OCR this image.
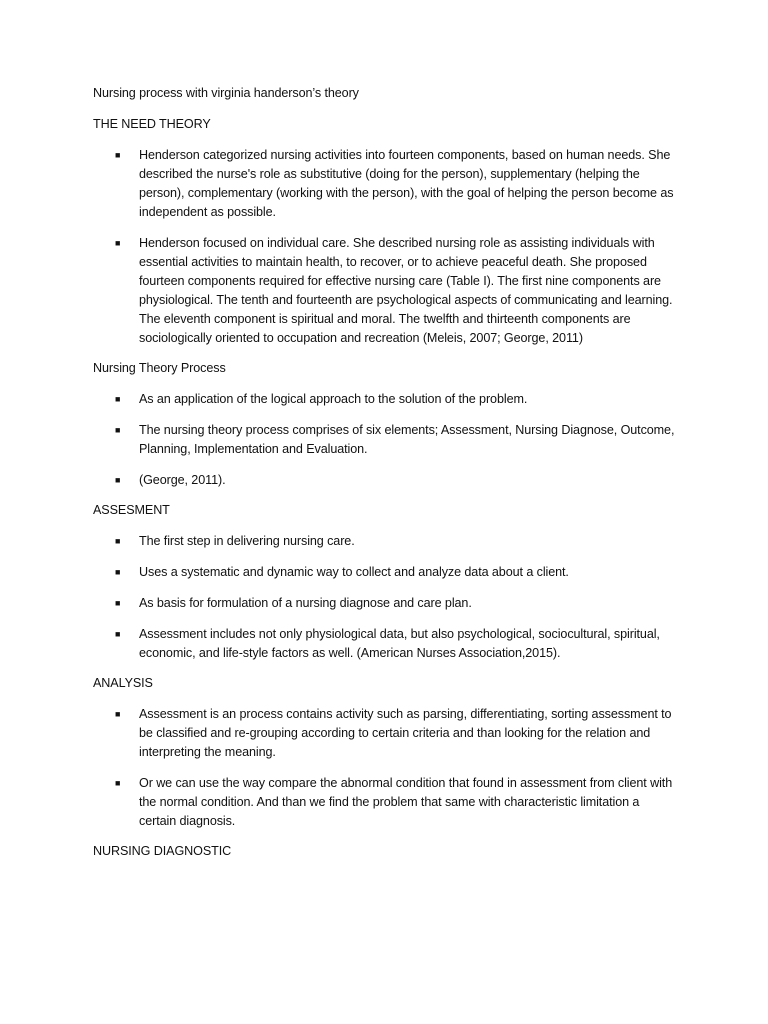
Nursing process with virginia handerson’s theory

THE NEED THEORY

■ Henderson categorized nursing activities into fourteen components, based on human needs. She described the nurse's role as substitutive (doing for the person), supplementary (helping the person), complementary (working with the person), with the goal of helping the person become as independent as possible.
■ Henderson focused on individual care. She described nursing role as assisting individuals with essential activities to maintain health, to recover, or to achieve peaceful death. She proposed fourteen components required for effective nursing care (Table I). The first nine components are physiological. The tenth and fourteenth are psychological aspects of communicating and learning. The eleventh component is spiritual and moral. The twelfth and thirteenth components are sociologically oriented to occupation and recreation (Meleis, 2007; George, 2011)

Nursing Theory Process

■ As an application of the logical approach to the solution of the problem.
■ The nursing theory process comprises of six elements; Assessment, Nursing Diagnose, Outcome, Planning, Implementation and Evaluation.
■ (George, 2011).

ASSESMENT

■ The first step in delivering nursing care.
■ Uses a systematic and dynamic way to collect and analyze data about a client.
■ As basis for formulation of a nursing diagnose and care plan.
■ Assessment includes not only physiological data, but also psychological, sociocultural, spiritual, economic, and life-style factors as well. (American Nurses Association,2015).

ANALYSIS

■ Assessment is an process contains activity such as parsing, differentiating, sorting assessment to be classified and re-grouping according to certain criteria and than looking for the relation and interpreting the meaning.
■ Or we can use the way compare the abnormal condition that found in assessment from client with the normal condition. And than we find the problem that same with characteristic limitation a certain diagnosis.

NURSING DIAGNOSTIC
